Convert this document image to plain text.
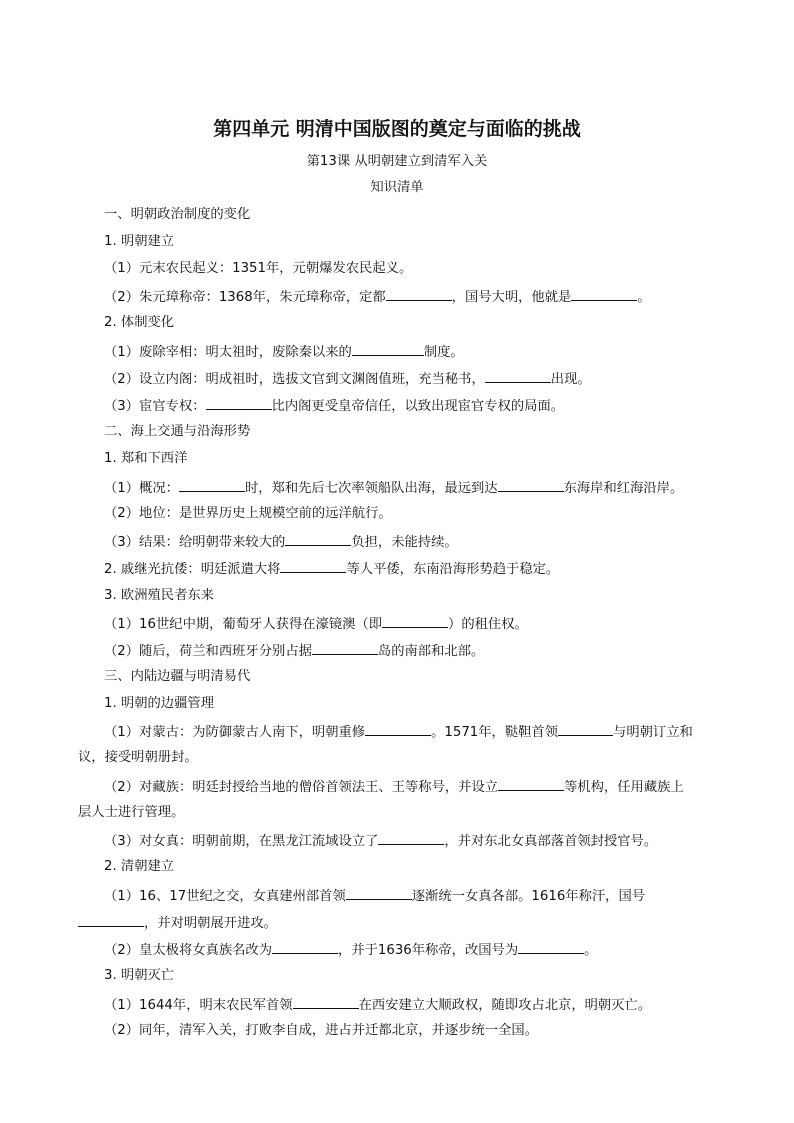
第四单元 明清中国版图的奠定与面临的挑战
第13课 从明朝建立到清军入关
知识清单
一、明朝政治制度的变化
1. 明朝建立
（1）元末农民起义：1351年，元朝爆发农民起义。
（2）朱元璋称帝：1368年，朱元璋称帝，定都	，国号大明，他就是	。
2. 体制变化
（1）废除宰相：明太祖时，废除秦以来的	制度。
（2）设立内阁：明成祖时，选拔文官到文渊阁值班，充当秘书，	出现。
（3）宦官专权：	比内阁更受皇帝信任，以致出现宦官专权的局面。
二、海上交通与沿海形势
1. 郑和下西洋
（1）概况：	时，郑和先后七次率领船队出海，最远到达	东海岸和红海沿岸。
（2）地位：是世界历史上规模空前的远洋航行。
（3）结果：给明朝带来较大的	负担，未能持续。
2. 戚继光抗倭：明廷派遣大将	等人平倭，东南沿海形势趋于稳定。
3. 欧洲殖民者东来
（1）16世纪中期，葡萄牙人获得在濠镜澳（即	）的租住权。
（2）随后，荷兰和西班牙分别占据	岛的南部和北部。
三、内陆边疆与明清易代
1. 明朝的边疆管理
（1）对蒙古：为防御蒙古人南下，明朝重修	。1571年，鞑靼首领	与明朝订立和
议，接受明朝册封。
（2）对藏族：明廷封授给当地的僧俗首领法王、王等称号，并设立	等机构，任用藏族上
层人士进行管理。
（3）对女真：明朝前期，在黑龙江流域设立了	，并对东北女真部落首领封授官号。
2. 清朝建立
（1）16、17世纪之交，女真建州部首领	逐渐统一女真各部。1616年称汗，国号
，并对明朝展开进攻。
（2）皇太极将女真族名改为	，并于1636年称帝，改国号为	。
3. 明朝灭亡
（1）1644年，明末农民军首领	在西安建立大顺政权，随即攻占北京，明朝灭亡。
（2）同年，清军入关，打败李自成，进占并迁都北京，并逐步统一全国。
